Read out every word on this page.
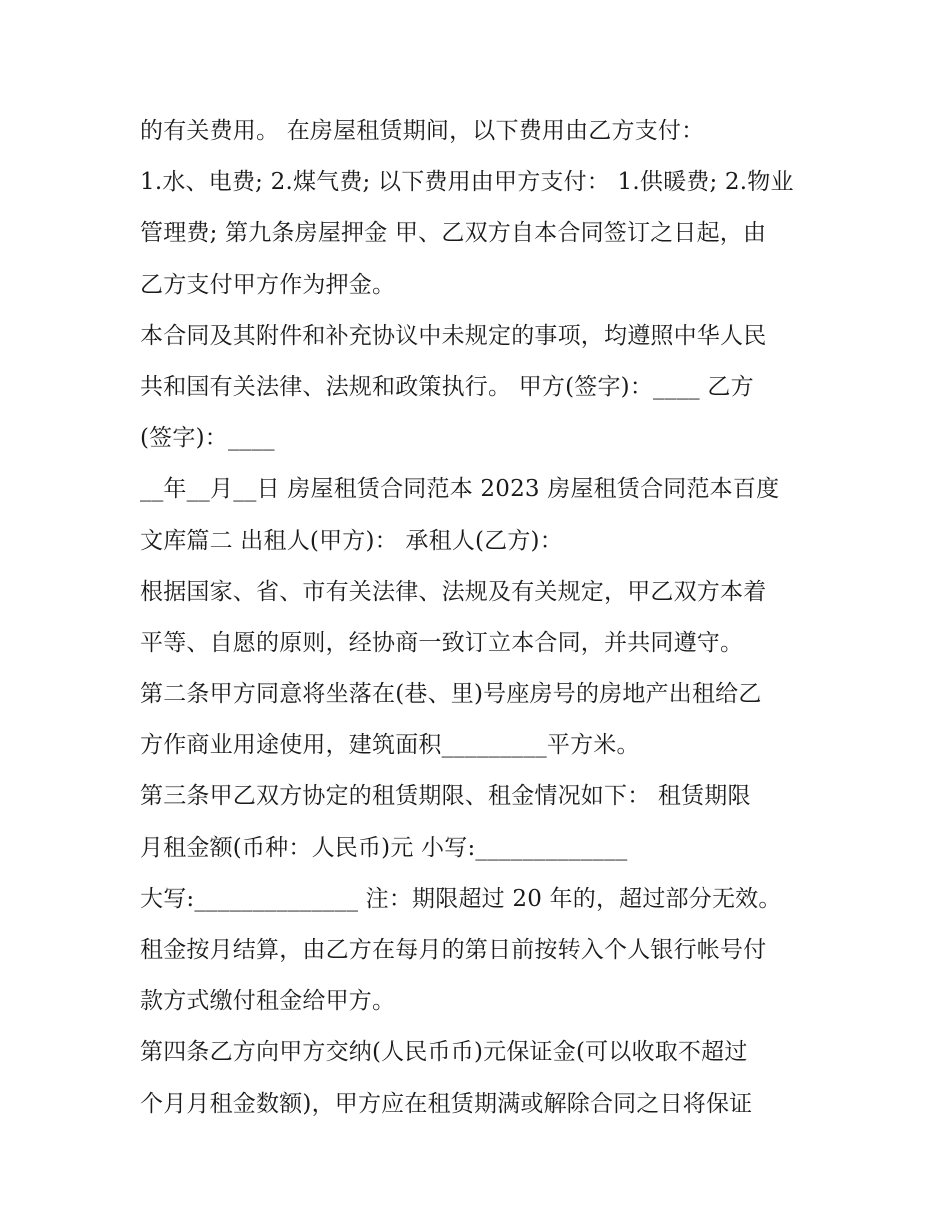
的有关费用。 在房屋租赁期间，以下费用由乙方支付：
1.水、电费; 2.煤气费; 以下费用由甲方支付： 1.供暖费; 2.物业
管理费; 第九条房屋押金 甲、乙双方自本合同签订之日起，由
乙方支付甲方作为押金。
本合同及其附件和补充协议中未规定的事项，均遵照中华人民
共和国有关法律、法规和政策执行。 甲方(签字)：____ 乙方
(签字)：____
__年__月__日 房屋租赁合同范本 2023 房屋租赁合同范本百度
文库篇二 出租人(甲方)： 承租人(乙方)：
根据国家、省、市有关法律、法规及有关规定，甲乙双方本着
平等、自愿的原则，经协商一致订立本合同，并共同遵守。
第二条甲方同意将坐落在(巷、里)号座房号的房地产出租给乙
方作商业用途使用，建筑面积_________平方米。
第三条甲乙双方协定的租赁期限、租金情况如下： 租赁期限
月租金额(币种：人民币)元 小写:_____________
大写:______________ 注：期限超过 20 年的，超过部分无效。
租金按月结算，由乙方在每月的第日前按转入个人银行帐号付
款方式缴付租金给甲方。
第四条乙方向甲方交纳(人民币币)元保证金(可以收取不超过
个月月租金数额)，甲方应在租赁期满或解除合同之日将保证
